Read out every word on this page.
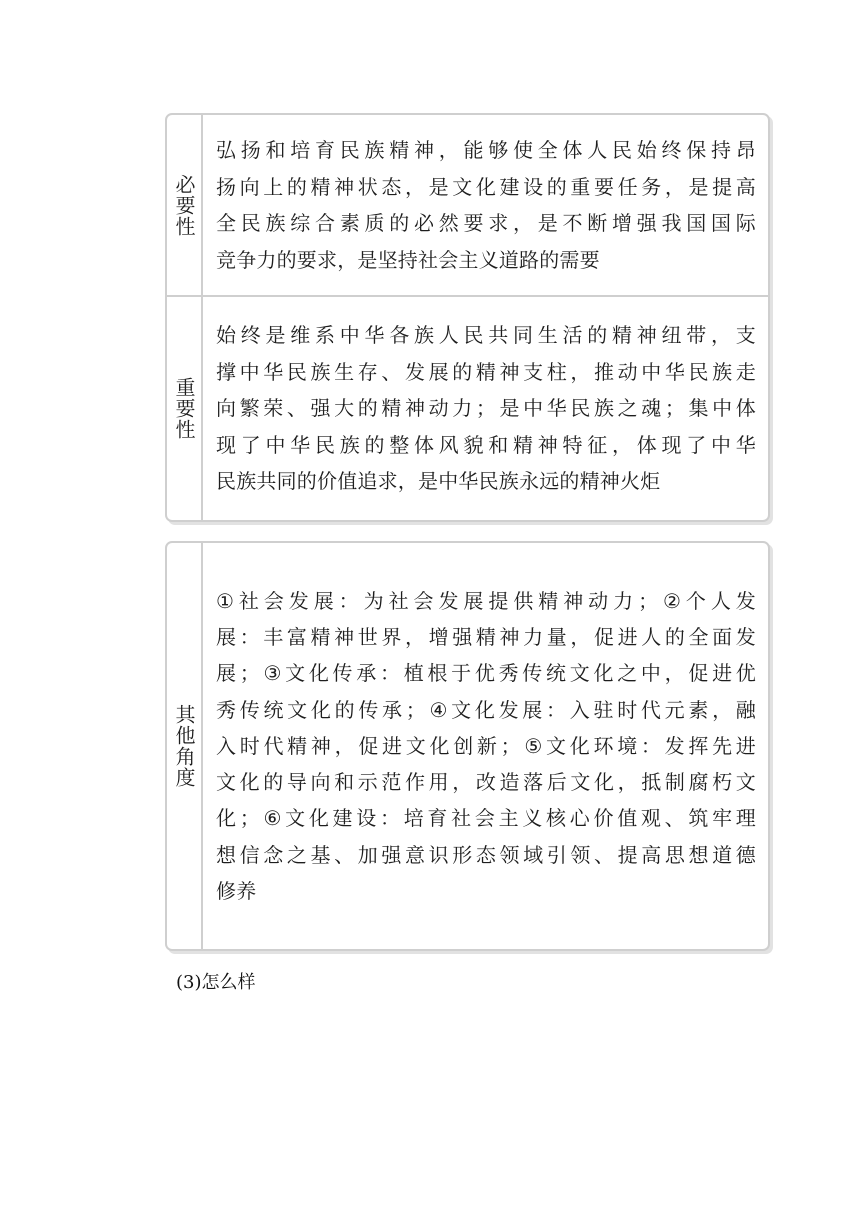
必要性
弘扬和培育民族精神，能够使全体人民始终保持昂
扬向上的精神状态，是文化建设的重要任务，是提高
全民族综合素质的必然要求，是不断增强我国国际
竞争力的要求，是坚持社会主义道路的需要
重要性
始终是维系中华各族人民共同生活的精神纽带，支
撑中华民族生存、发展的精神支柱，推动中华民族走
向繁荣、强大的精神动力；是中华民族之魂；集中体
现了中华民族的整体风貌和精神特征，体现了中华
民族共同的价值追求，是中华民族永远的精神火炬
其他角度
①社会发展：为社会发展提供精神动力；②个人发
展：丰富精神世界，增强精神力量，促进人的全面发
展；③文化传承：植根于优秀传统文化之中，促进优
秀传统文化的传承；④文化发展：入驻时代元素，融
入时代精神，促进文化创新；⑤文化环境：发挥先进
文化的导向和示范作用，改造落后文化，抵制腐朽文
化；⑥文化建设：培育社会主义核心价值观、筑牢理
想信念之基、加强意识形态领域引领、提高思想道德
修养
(3)怎么样
